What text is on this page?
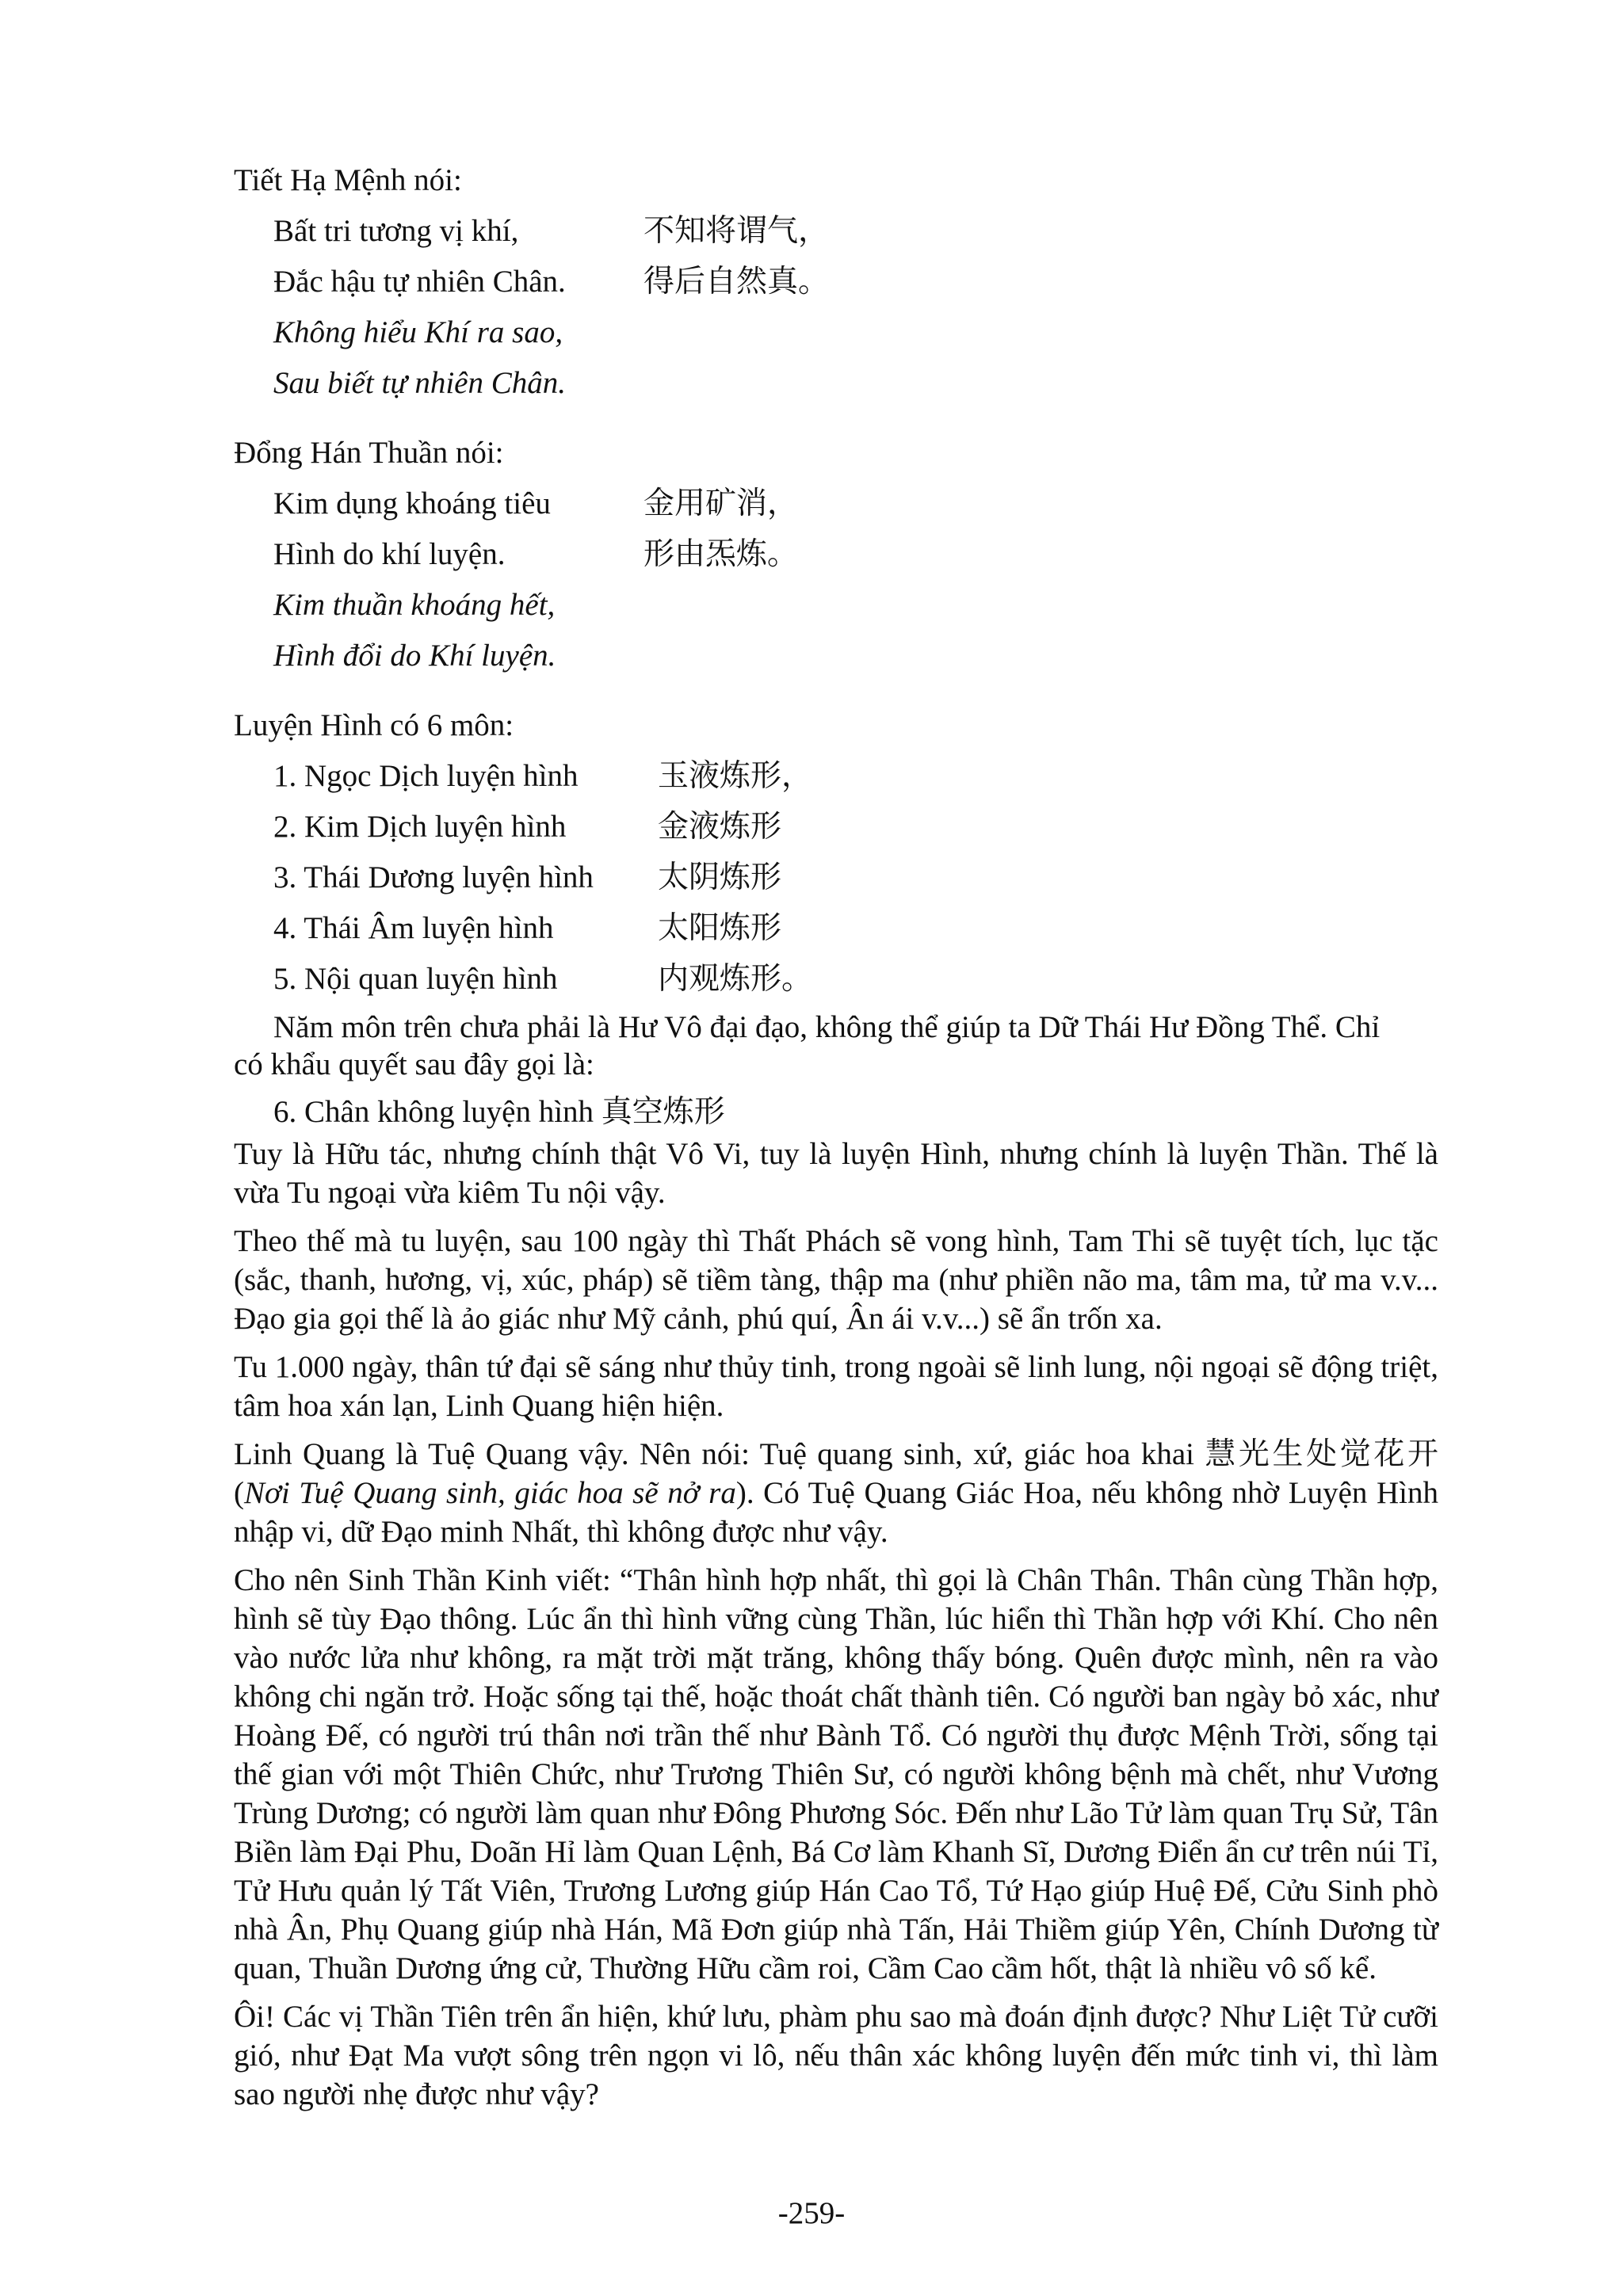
Tiết Hạ Mệnh nói:
Bất tri tương vị khí,	不知将谓气，
Đắc hậu tự nhiên Chân.	得后自然真。
Không hiểu Khí ra sao,
Sau biết tự nhiên Chân.
Đổng Hán Thuần nói:
Kim dụng khoáng tiêu	金用矿消，
Hình do khí luyện.	形由炁炼。
Kim thuần khoáng hết,
Hình đổi do Khí luyện.
Luyện Hình có 6 môn:
1. Ngọc Dịch luyện hình	玉液炼形，
2. Kim Dịch luyện hình	金液炼形
3. Thái Dương luyện hình 太阴炼形
4. Thái Âm luyện hình	太阳炼形
5. Nội quan luyện hình	内观炼形。
Năm môn trên chưa phải là Hư Vô đại đạo, không thể giúp ta Dữ Thái Hư Đồng Thể. Chỉ
có khẩu quyết sau đây gọi là:
6. Chân không luyện hình 真空炼形

Tuy là Hữu tác, nhưng chính thật Vô Vi, tuy là luyện Hình, nhưng chính là luyện Thần. Thế là vừa Tu ngoại vừa kiêm Tu nội vậy.

Theo thế mà tu luyện, sau 100 ngày thì Thất Phách sẽ vong hình, Tam Thi sẽ tuyệt tích, lục tặc (sắc, thanh, hương, vị, xúc, pháp) sẽ tiềm tàng, thập ma (như phiền não ma, tâm ma, tử ma v.v... Đạo gia gọi thế là ảo giác như Mỹ cảnh, phú quí, Ân ái v.v...) sẽ ẩn trốn xa.

Tu 1.000 ngày, thân tứ đại sẽ sáng như thủy tinh, trong ngoài sẽ linh lung, nội ngoại sẽ động triệt, tâm hoa xán lạn, Linh Quang hiện hiện.

Linh Quang là Tuệ Quang vậy. Nên nói: Tuệ quang sinh, xứ, giác hoa khai 慧光生处觉花开 (Nơi Tuệ Quang sinh, giác hoa sẽ nở ra). Có Tuệ Quang Giác Hoa, nếu không nhờ Luyện Hình nhập vi, dữ Đạo minh Nhất, thì không được như vậy.

Cho nên Sinh Thần Kinh viết: “Thân hình hợp nhất, thì gọi là Chân Thân. Thân cùng Thần hợp, hình sẽ tùy Đạo thông. Lúc ẩn thì hình vững cùng Thần, lúc hiển thì Thần hợp với Khí. Cho nên vào nước lửa như không, ra mặt trời mặt trăng, không thấy bóng. Quên được mình, nên ra vào không chi ngăn trở. Hoặc sống tại thế, hoặc thoát chất thành tiên. Có người ban ngày bỏ xác, như Hoàng Đế, có người trú thân nơi trần thế như Bành Tổ. Có người thụ được Mệnh Trời, sống tại thế gian với một Thiên Chức, như Trương Thiên Sư, có người không bệnh mà chết, như Vương Trùng Dương; có người làm quan như Đông Phương Sóc. Đến như Lão Tử làm quan Trụ Sử, Tân Biền làm Đại Phu, Doãn Hỉ làm Quan Lệnh, Bá Cơ làm Khanh Sĩ, Dương Điển ẩn cư trên núi Tỉ, Tử Hưu quản lý Tất Viên, Trương Lương giúp Hán Cao Tổ, Tứ Hạo giúp Huệ Đế, Cửu Sinh phò nhà Ân, Phụ Quang giúp nhà Hán, Mã Đơn giúp nhà Tấn, Hải Thiềm giúp Yên, Chính Dương từ quan, Thuần Dương ứng cử, Thường Hữu cầm roi, Cầm Cao cầm hốt, thật là nhiều vô số kể.

Ôi! Các vị Thần Tiên trên ẩn hiện, khứ lưu, phàm phu sao mà đoán định được? Như Liệt Tử cưỡi gió, như Đạt Ma vượt sông trên ngọn vi lô, nếu thân xác không luyện đến mức tinh vi, thì làm sao người nhẹ được như vậy?

-259-
